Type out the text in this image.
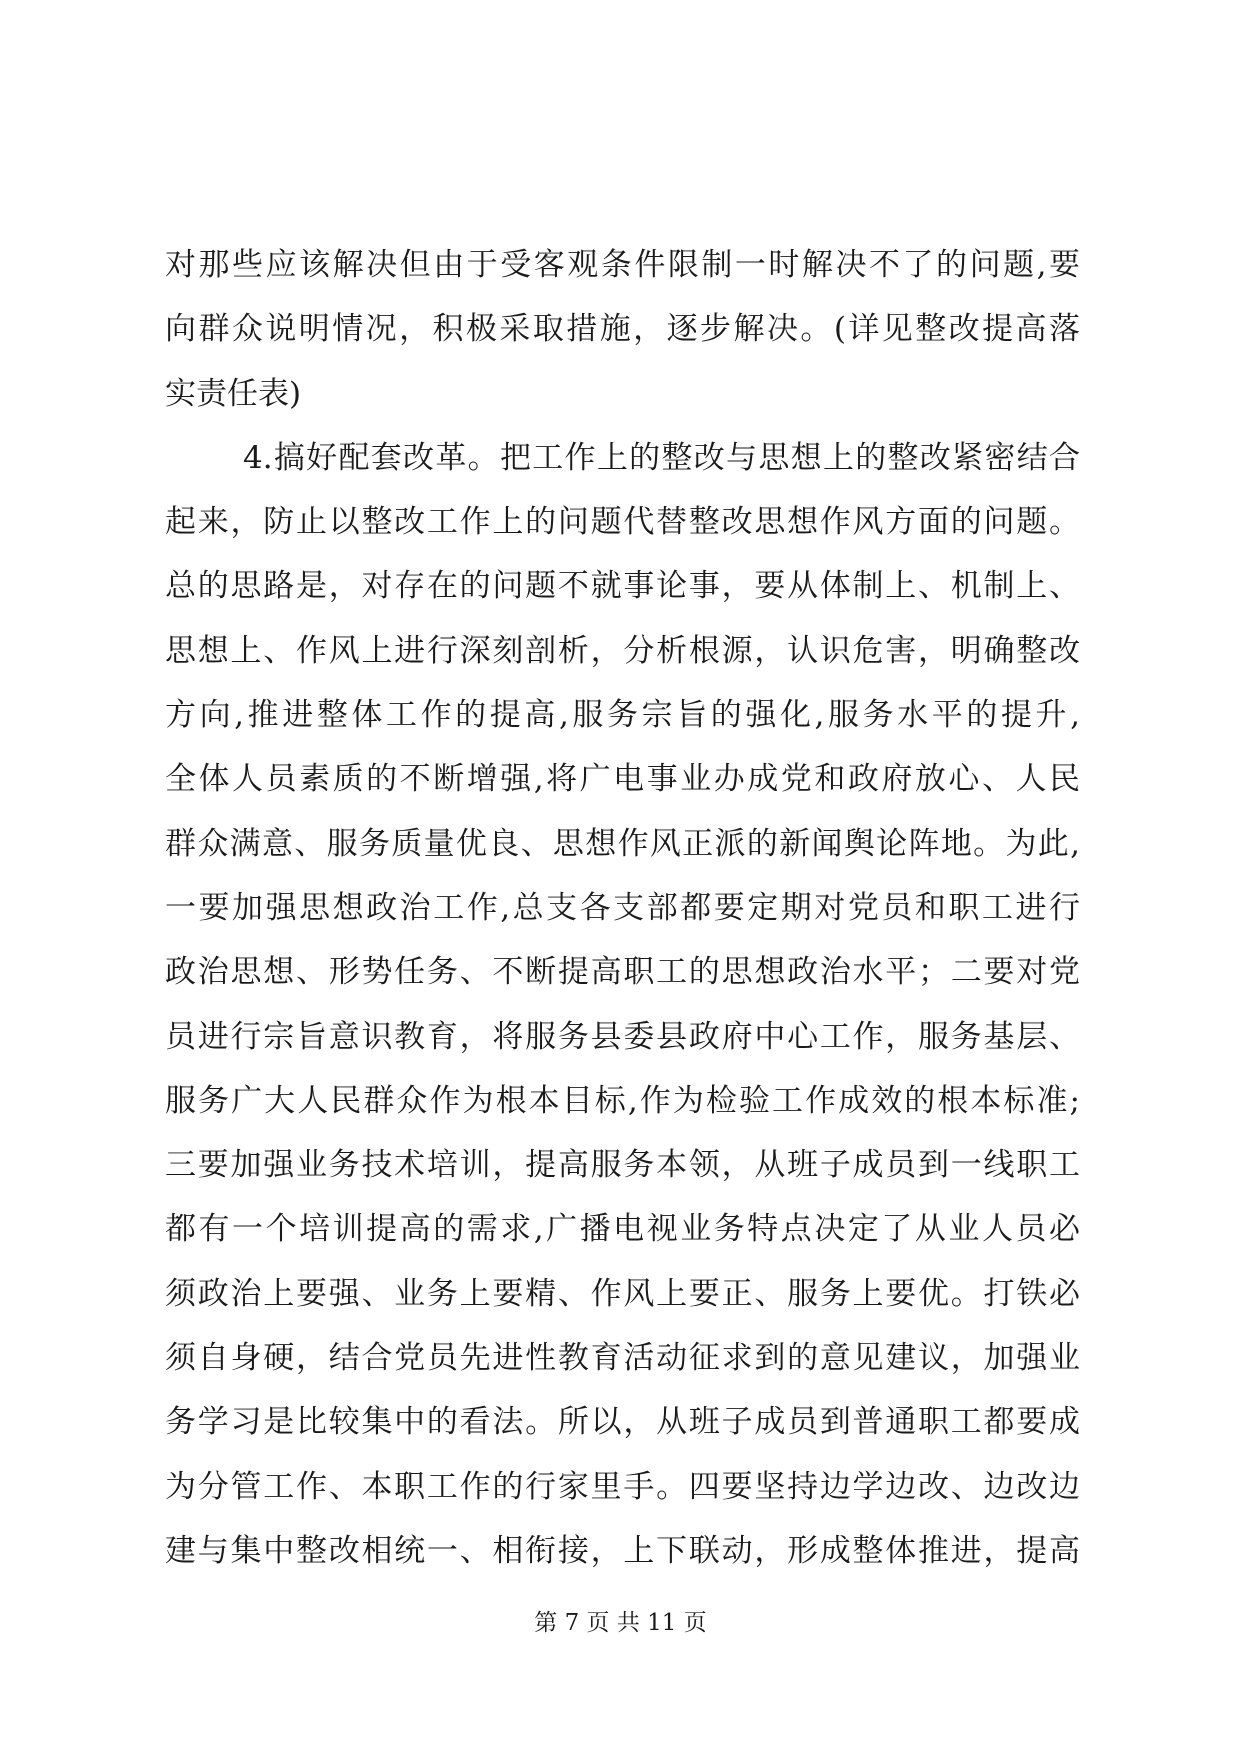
对那些应该解决但由于受客观条件限制一时解决不了的问题,要
向群众说明情况，积极采取措施，逐步解决。(详见整改提高落
实责任表)
4.搞好配套改革。把工作上的整改与思想上的整改紧密结合
起来，防止以整改工作上的问题代替整改思想作风方面的问题。
总的思路是，对存在的问题不就事论事，要从体制上、机制上、
思想上、作风上进行深刻剖析，分析根源，认识危害，明确整改
方向,推进整体工作的提高,服务宗旨的强化,服务水平的提升,
全体人员素质的不断增强,将广电事业办成党和政府放心、人民
群众满意、服务质量优良、思想作风正派的新闻舆论阵地。为此,
一要加强思想政治工作,总支各支部都要定期对党员和职工进行
政治思想、形势任务、不断提高职工的思想政治水平；二要对党
员进行宗旨意识教育，将服务县委县政府中心工作，服务基层、
服务广大人民群众作为根本目标,作为检验工作成效的根本标准;
三要加强业务技术培训，提高服务本领，从班子成员到一线职工
都有一个培训提高的需求,广播电视业务特点决定了从业人员必
须政治上要强、业务上要精、作风上要正、服务上要优。打铁必
须自身硬，结合党员先进性教育活动征求到的意见建议，加强业
务学习是比较集中的看法。所以，从班子成员到普通职工都要成
为分管工作、本职工作的行家里手。四要坚持边学边改、边改边
建与集中整改相统一、相衔接，上下联动，形成整体推进，提高
第 7 页 共 11 页
